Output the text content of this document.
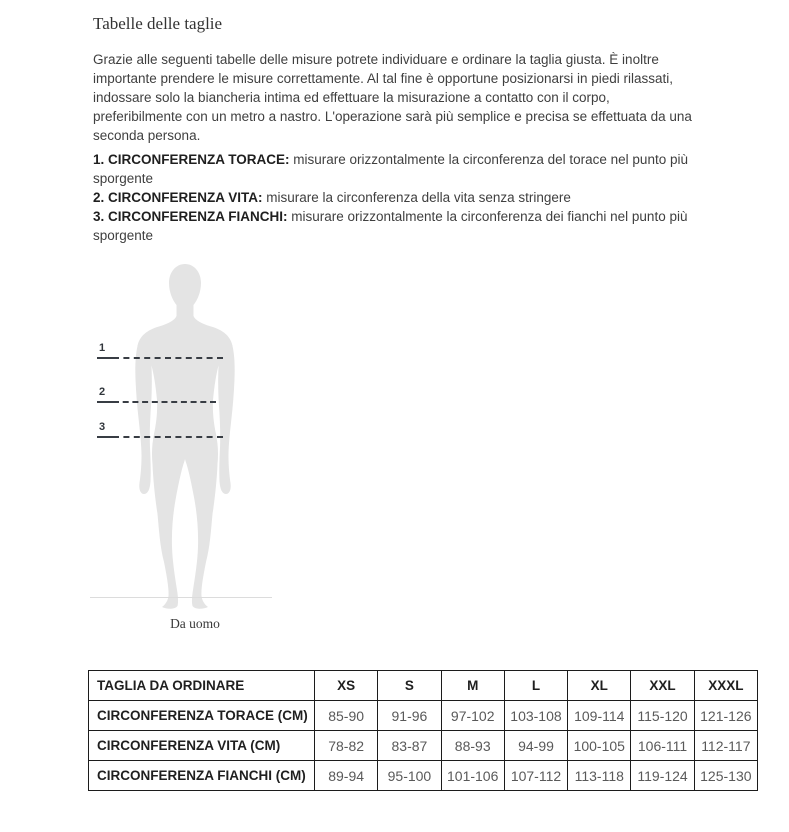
Tabelle delle taglie
Grazie alle seguenti tabelle delle misure potrete individuare e ordinare la taglia giusta. È inoltre
importante prendere le misure correttamente. Al tal fine è opportune posizionarsi in piedi rilassati,
indossare solo la biancheria intima ed effettuare la misurazione a contatto con il corpo,
preferibilmente con un metro a nastro. L'operazione sarà più semplice e precisa se effettuata da una
seconda persona.
1. CIRCONFERENZA TORACE: misurare orizzontalmente la circonferenza del torace nel punto più
sporgente
2. CIRCONFERENZA VITA: misurare la circonferenza della vita senza stringere
3. CIRCONFERENZA FIANCHI: misurare orizzontalmente la circonferenza dei fianchi nel punto più
sporgente
1
2
3
Da uomo
TAGLIA DA ORDINARE	XS	S	M	L	XL	XXL	XXXL
CIRCONFERENZA TORACE (CM)	85-90	91-96	97-102	103-108	109-114	115-120	121-126
CIRCONFERENZA VITA (CM)	78-82	83-87	88-93	94-99	100-105	106-111	112-117
CIRCONFERENZA FIANCHI (CM)	89-94	95-100	101-106	107-112	113-118	119-124	125-130
